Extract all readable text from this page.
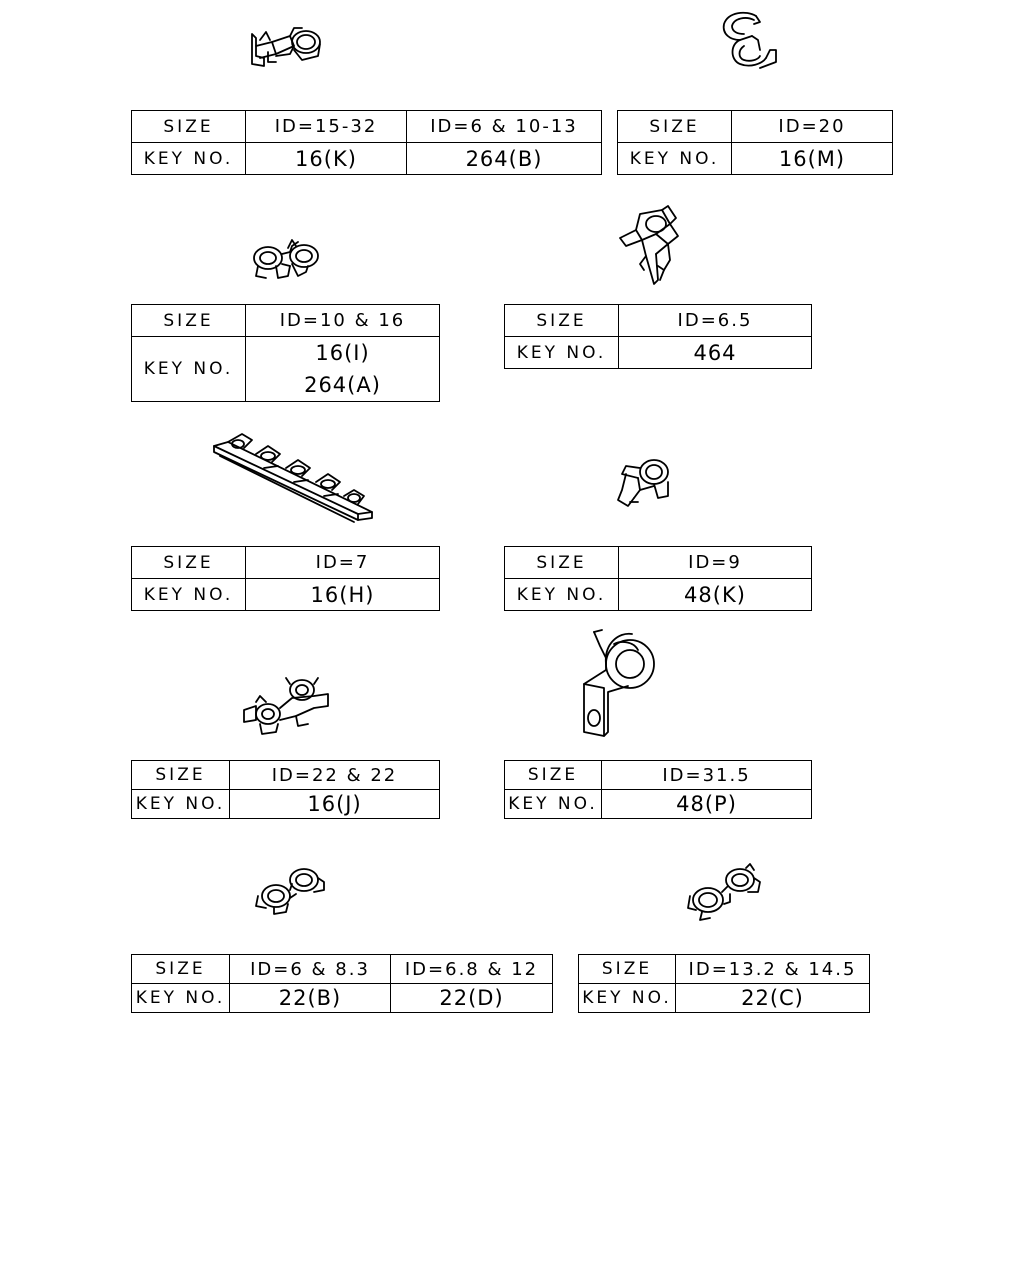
SIZE	ID=15-32	ID=6 & 10-13
KEY NO.	16(K)	264(B)
SIZE	ID=20
KEY NO.	16(M)
SIZE	ID=10 & 16
KEY NO.	16(I)
264(A)
SIZE	ID=6.5
KEY NO.	464
SIZE	ID=7
KEY NO.	16(H)
SIZE	ID=9
KEY NO.	48(K)
SIZE	ID=22 & 22
KEY NO.	16(J)
SIZE	ID=31.5
KEY NO.	48(P)
SIZE	ID=6 & 8.3	ID=6.8 & 12
KEY NO.	22(B)	22(D)
SIZE	ID=13.2 & 14.5
KEY NO.	22(C)
